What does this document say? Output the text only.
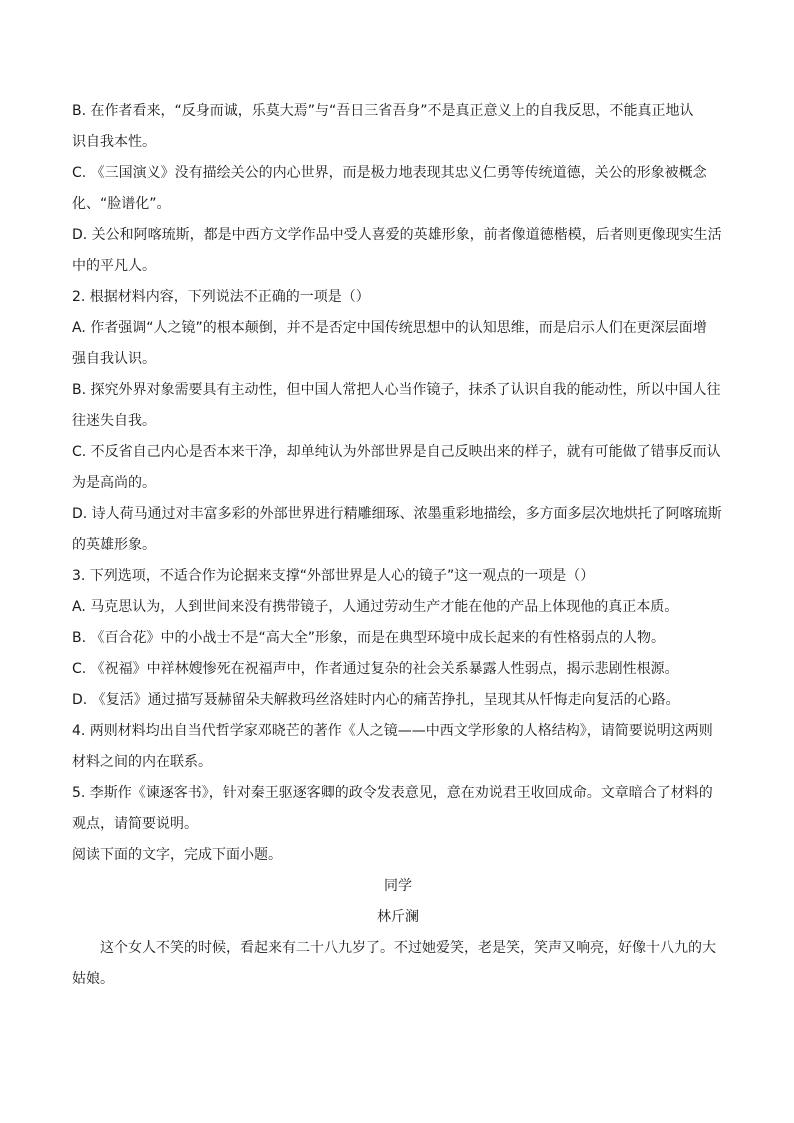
B. 在作者看来，“反身而诚，乐莫大焉”与“吾日三省吾身”不是真正意义上的自我反思，不能真正地认
识自我本性。
C. 《三国演义》没有描绘关公的内心世界，而是极力地表现其忠义仁勇等传统道德，关公的形象被概念
化、“脸谱化”。
D. 关公和阿喀琉斯，都是中西方文学作品中受人喜爱的英雄形象，前者像道德楷模，后者则更像现实生活
中的平凡人。
2. 根据材料内容，下列说法不正确的一项是（）
A. 作者强调“人之镜”的根本颠倒，并不是否定中国传统思想中的认知思维，而是启示人们在更深层面增
强自我认识。
B. 探究外界对象需要具有主动性，但中国人常把人心当作镜子，抹杀了认识自我的能动性，所以中国人往
往迷失自我。
C. 不反省自己内心是否本来干净，却单纯认为外部世界是自己反映出来的样子，就有可能做了错事反而认
为是高尚的。
D. 诗人荷马通过对丰富多彩的外部世界进行精雕细琢、浓墨重彩地描绘，多方面多层次地烘托了阿喀琉斯
的英雄形象。
3. 下列选项，不适合作为论据来支撑“外部世界是人心的镜子”这一观点的一项是（）
A. 马克思认为，人到世间来没有携带镜子，人通过劳动生产才能在他的产品上体现他的真正本质。
B. 《百合花》中的小战士不是“高大全”形象，而是在典型环境中成长起来的有性格弱点的人物。
C. 《祝福》中祥林嫂惨死在祝福声中，作者通过复杂的社会关系暴露人性弱点，揭示悲剧性根源。
D. 《复活》通过描写聂赫留朵夫解救玛丝洛娃时内心的痛苦挣扎，呈现其从忏悔走向复活的心路。
4. 两则材料均出自当代哲学家邓晓芒的著作《人之镜——中西文学形象的人格结构》，请简要说明这两则
材料之间的内在联系。
5. 李斯作《谏逐客书》，针对秦王驱逐客卿的政令发表意见，意在劝说君王收回成命。文章暗合了材料的
观点，请简要说明。
阅读下面的文字，完成下面小题。
同学
林斤澜
这个女人不笑的时候，看起来有二十八九岁了。不过她爱笑，老是笑，笑声又响亮，好像十八九的大
姑娘。
